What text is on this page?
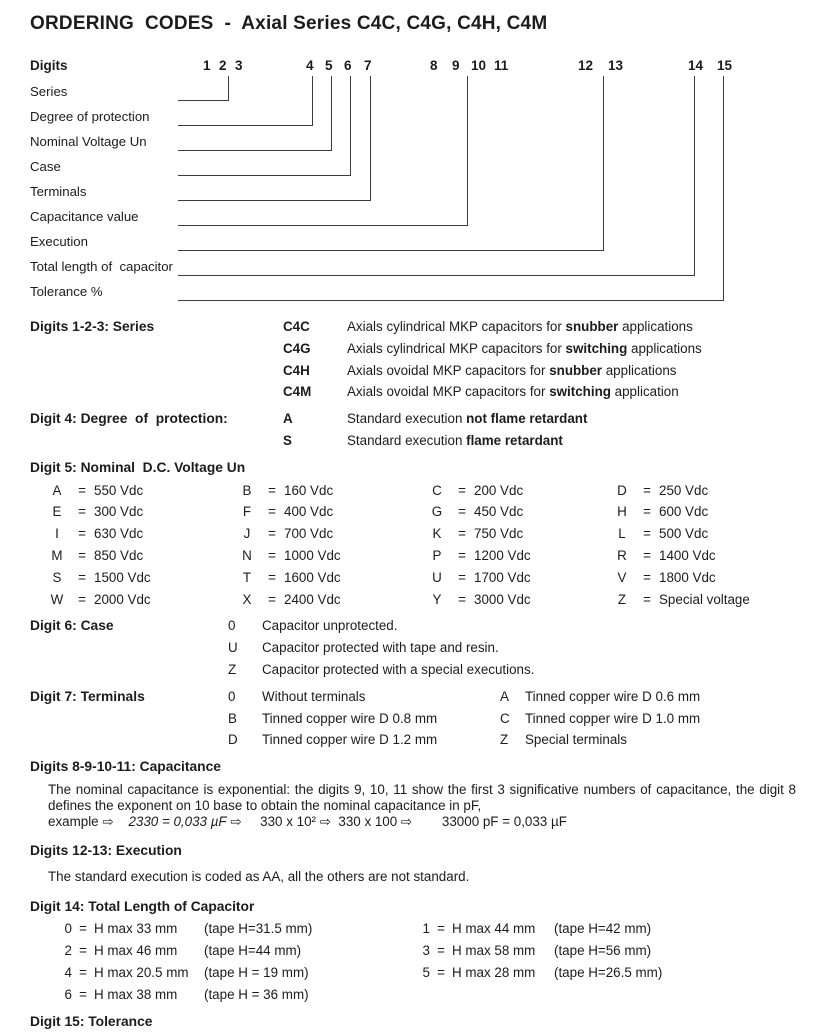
ORDERING  CODES  -  Axial Series C4C, C4G, C4H, C4M
Digits	1 2 3	4 5 6 7	8 9 10 11	12 13	14 15
Series
Degree of protection
Nominal Voltage Un
Case
Terminals
Capacitance value
Execution
Total length of  capacitor
Tolerance %
Digits 1-2-3: Series	C4C	Axials cylindrical MKP capacitors for snubber applications
C4G	Axials cylindrical MKP capacitors for switching applications
C4H	Axials ovoidal MKP capacitors for snubber applications
C4M	Axials ovoidal MKP capacitors for switching application
Digit 4: Degree  of  protection:	A	Standard execution not flame retardant
S	Standard execution flame retardant
Digit 5: Nominal  D.C. Voltage Un
A	= 550 Vdc	B	= 160 Vdc	C	= 200 Vdc	D	= 250 Vdc
E	= 300 Vdc	F	= 400 Vdc	G	= 450 Vdc	H	= 600 Vdc
I	= 630 Vdc	J	= 700 Vdc	K	= 750 Vdc	L	= 500 Vdc
M	= 850 Vdc	N	= 1000 Vdc	P	= 1200 Vdc	R	= 1400 Vdc
S	= 1500 Vdc	T	= 1600 Vdc	U	= 1700 Vdc	V	= 1800 Vdc
W	= 2000 Vdc	X	= 2400 Vdc	Y	= 3000 Vdc	Z	= Special voltage
Digit 6: Case	0	Capacitor unprotected.
U	Capacitor protected with tape and resin.
Z	Capacitor protected with a special executions.
Digit 7: Terminals	0	Without terminals	A	Tinned copper wire D 0.6 mm
B	Tinned copper wire D 0.8 mm	C	Tinned copper wire D 1.0 mm
D	Tinned copper wire D 1.2 mm	Z	Special terminals
Digits 8-9-10-11: Capacitance
The nominal capacitance is exponential: the digits 9, 10, 11 show the first 3 significative numbers of capacitance, the digit 8 defines the exponent on 10 base to obtain the nominal capacitance in pF,
example ⇨    2330 = 0,033 µF ⇨     330 x 10² ⇨  330 x 100 ⇨        33000 pF = 0,033 µF
Digits 12-13: Execution
The standard execution is coded as AA, all the others are not standard.
Digit 14: Total Length of Capacitor
0 = H max 33 mm	(tape H=31.5 mm)	1 = H max 44 mm	(tape H=42 mm)
2 = H max 46 mm	(tape H=44 mm)	3 = H max 58 mm	(tape H=56 mm)
4 = H max 20.5 mm	(tape H = 19 mm)	5 = H max 28 mm	(tape H=26.5 mm)
6 = H max 38 mm	(tape H = 36 mm)
Digit 15: Tolerance
